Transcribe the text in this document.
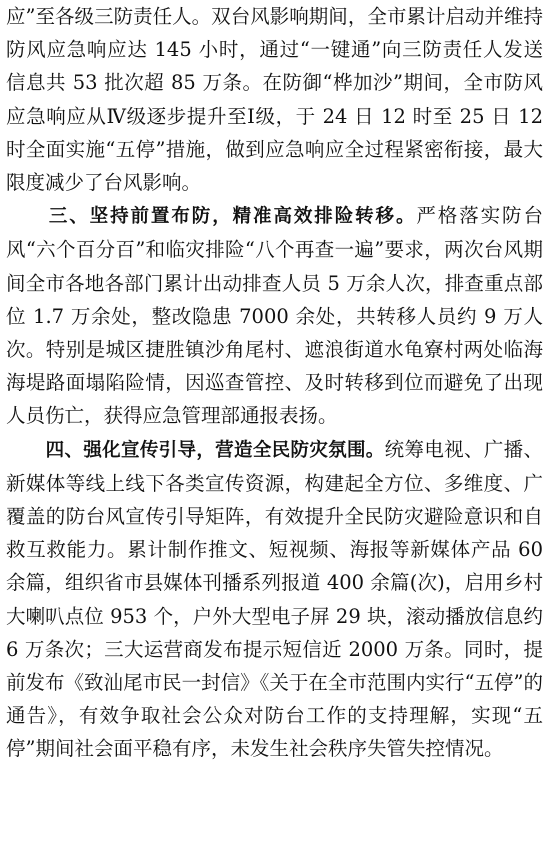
应”至各级三防责任人。双台风影响期间，全市累计启动并维持防风应急响应达 145 小时，通过“一键通”向三防责任人发送信息共 53 批次超 85 万条。在防御“桦加沙”期间，全市防风应急响应从Ⅳ级逐步提升至Ⅰ级，于 24 日 12 时至 25 日 12 时全面实施“五停”措施，做到应急响应全过程紧密衔接，最大限度减少了台风影响。

　　三、坚持前置布防，精准高效排险转移。严格落实防台风“六个百分百”和临灾排险“八个再查一遍”要求，两次台风期间全市各地各部门累计出动排查人员 5 万余人次，排查重点部位 1.7 万余处，整改隐患 7000 余处，共转移人员约 9 万人次。特别是城区捷胜镇沙角尾村、遮浪街道水龟寮村两处临海海堤路面塌陷险情，因巡查管控、及时转移到位而避免了出现人员伤亡，获得应急管理部通报表扬。

　　四、强化宣传引导，营造全民防灾氛围。统筹电视、广播、新媒体等线上线下各类宣传资源，构建起全方位、多维度、广覆盖的防台风宣传引导矩阵，有效提升全民防灾避险意识和自救互救能力。累计制作推文、短视频、海报等新媒体产品 60 余篇，组织省市县媒体刊播系列报道 400 余篇(次)，启用乡村大喇叭点位 953 个，户外大型电子屏 29 块，滚动播放信息约 6 万条次；三大运营商发布提示短信近 2000 万条。同时，提前发布《致汕尾市民一封信》《关于在全市范围内实行“五停”的通告》，有效争取社会公众对防台工作的支持理解，实现“五停”期间社会面平稳有序，未发生社会秩序失管失控情况。
